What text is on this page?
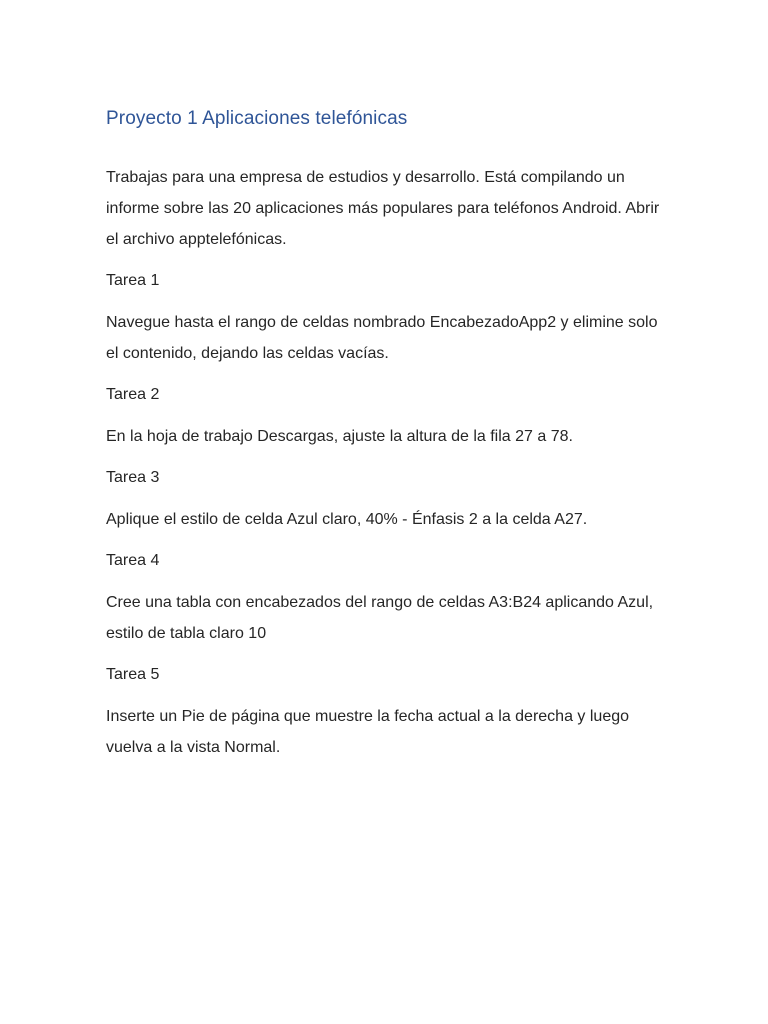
Proyecto 1 Aplicaciones telefónicas

Trabajas para una empresa de estudios y desarrollo. Está compilando un informe sobre las 20 aplicaciones más populares para teléfonos Android. Abrir el archivo apptelefónicas.

Tarea 1

Navegue hasta el rango de celdas nombrado EncabezadoApp2 y elimine solo el contenido, dejando las celdas vacías.

Tarea 2

En la hoja de trabajo Descargas, ajuste la altura de la fila 27 a 78.

Tarea 3

Aplique el estilo de celda Azul claro, 40% - Énfasis 2 a la celda A27.

Tarea 4

Cree una tabla con encabezados del rango de celdas A3:B24 aplicando Azul, estilo de tabla claro 10

Tarea 5

Inserte un Pie de página que muestre la fecha actual a la derecha y luego vuelva a la vista Normal.
